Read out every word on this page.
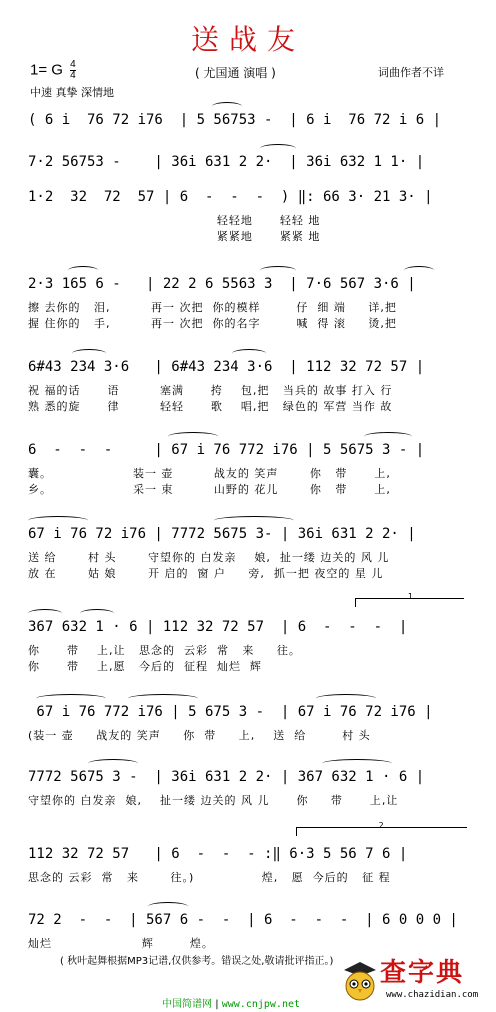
送战友
1= G $\frac{4}{4}$	( 尤国通 演唱 )	词曲作者不详
中速 真挚 深情地
( 6 i̇  76 72 i̇76  | 5 56753 -  | 6 i̇  76 72 i̇ 6 |
7·2 56753 -    | 36i̇ 631 2 2·  | 36i̇ 632 1 1· |
1·2  32  72  57 | 6  -  -  -  ) ‖: 66 3· 21 3· |
轻轻地      轻轻 地
紧紧地      紧紧 地
2·3 165 6 -   | 22 2 6 5563 3  | 7·6 567 3·6 |
擦 去你的   泪,         再一 次把  你的模样        仔  细 端     详,把
握 住你的   手,         再一 次把  你的名字        喊  得 滚     烫,把
6#43 234 3·6   | 6#43 234 3·6  | 112 32 72 57 |
祝 福的话      语         塞满      挎    包,把   当兵的 故事 打入 行
熟 悉的旋      律         轻轻      歌    唱,把   绿色的 军营 当作 故
6  -  -  -     | 67 i̇ 76 772 i̇76 | 5 5675 3 - |
囊。                  装一 壶         战友的 笑声       你   带      上,
乡。                  采一 束         山野的 花儿       你   带      上,
67 i̇ 76 72 i̇76 | 7772 5675 3- | 36i̇ 631 2 2· |
送 给       村 头       守望你的 白发亲    娘,  扯一缕 边关的 风 儿
放 在       姑 娘       开 启的  窗 户     旁,  抓一把 夜空的 星 儿
1
367 632 1 · 6 | 112 32 72 57  | 6  -  -  -  |
你      带    上,让   思念的  云彩  常   来     往。
你      带    上,愿   今后的  征程  灿烂  辉
67 i̇ 76 772 i̇76 | 5 675 3 -  | 67 i̇ 76 72 i̇76 |
(装一 壶     战友的 笑声     你  带     上,    送  给        村 头
7772 5675 3 -  | 36i̇ 631 2 2· | 367 632 1 · 6 |
守望你的 白发亲  娘,    扯一缕 边关的 风 儿      你     带      上,让
2
112 32 72 57   | 6  -  -  - :‖ 6·3 5 56 7 6 |
思念的 云彩  常   来       往。)               煌,   愿  今后的   征 程
72 2  -  -  | 567 6 -  -  | 6  -  -  -  | 6 0 0 0 |
灿烂                    辉        煌。
( 秋叶起舞根据MP3记谱,仅供参考。错误之处,敬请批评指正。)
中国简谱网 | www.cnjpw.net
查字典
www.chazidian.com
